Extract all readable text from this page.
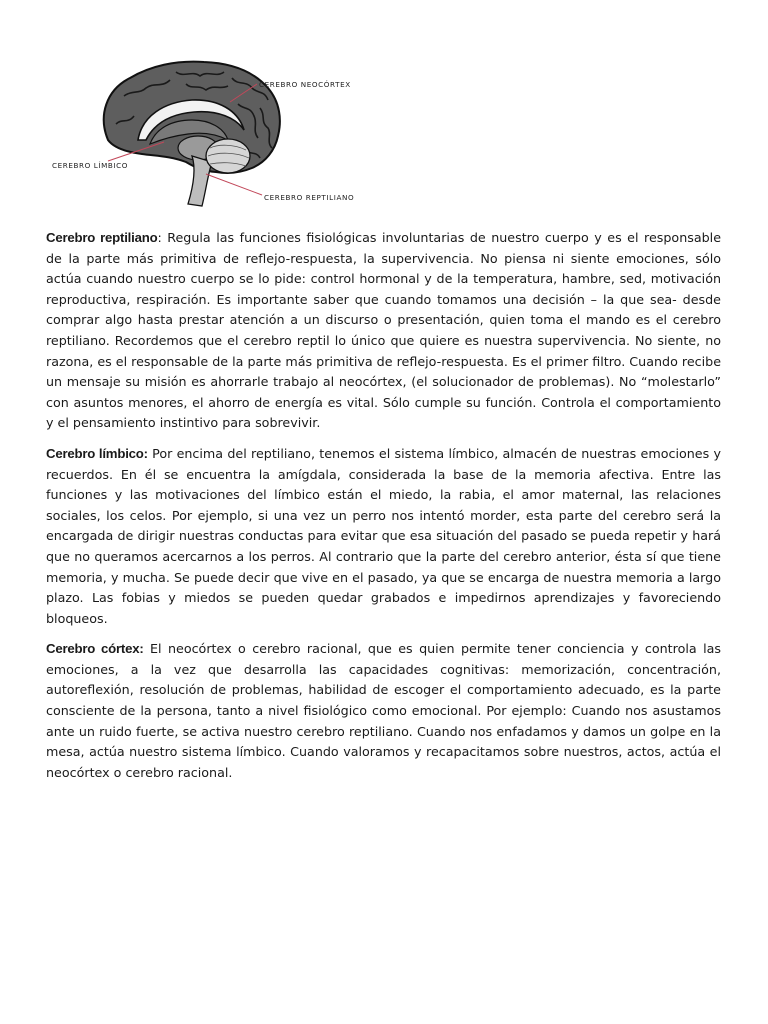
CEREBRO NEOCÓRTEX
CEREBRO LÍMBICO
CEREBRO REPTILIANO

Cerebro reptiliano: Regula las funciones fisiológicas involuntarias de nuestro cuerpo y es el responsable de la parte más primitiva de reflejo-respuesta, la supervivencia. No piensa ni siente emociones, sólo actúa cuando nuestro cuerpo se lo pide: control hormonal y de la temperatura, hambre, sed, motivación reproductiva, respiración. Es importante saber que cuando tomamos una decisión – la que sea- desde comprar algo hasta prestar atención a un discurso o presentación, quien toma el mando es el cerebro reptiliano. Recordemos que el cerebro reptil lo único que quiere es nuestra supervivencia. No siente, no razona, es el responsable de la parte más primitiva de reflejo-respuesta. Es el primer filtro. Cuando recibe un mensaje su misión es ahorrarle trabajo al neocórtex, (el solucionador de problemas). No “molestarlo” con asuntos menores, el ahorro de energía es vital. Sólo cumple su función. Controla el comportamiento y el pensamiento instintivo para sobrevivir.

Cerebro límbico: Por encima del reptiliano, tenemos el sistema límbico, almacén de nuestras emociones y recuerdos. En él se encuentra la amígdala, considerada la base de la memoria afectiva. Entre las funciones y las motivaciones del límbico están el miedo, la rabia, el amor maternal, las relaciones sociales, los celos. Por ejemplo, si una vez un perro nos intentó morder, esta parte del cerebro será la encargada de dirigir nuestras conductas para evitar que esa situación del pasado se pueda repetir y hará que no queramos acercarnos a los perros. Al contrario que la parte del cerebro anterior, ésta sí que tiene memoria, y mucha. Se puede decir que vive en el pasado, ya que se encarga de nuestra memoria a largo plazo. Las fobias y miedos se pueden quedar grabados e impedirnos aprendizajes y favoreciendo bloqueos.

Cerebro córtex: El neocórtex o cerebro racional, que es quien permite tener conciencia y controla las emociones, a la vez que desarrolla las capacidades cognitivas: memorización, concentración, autoreflexión, resolución de problemas, habilidad de escoger el comportamiento adecuado, es la parte consciente de la persona, tanto a nivel fisiológico como emocional. Por ejemplo: Cuando nos asustamos ante un ruido fuerte, se activa nuestro cerebro reptiliano. Cuando nos enfadamos y damos un golpe en la mesa, actúa nuestro sistema límbico. Cuando valoramos y recapacitamos sobre nuestros, actos, actúa el neocórtex o cerebro racional.
